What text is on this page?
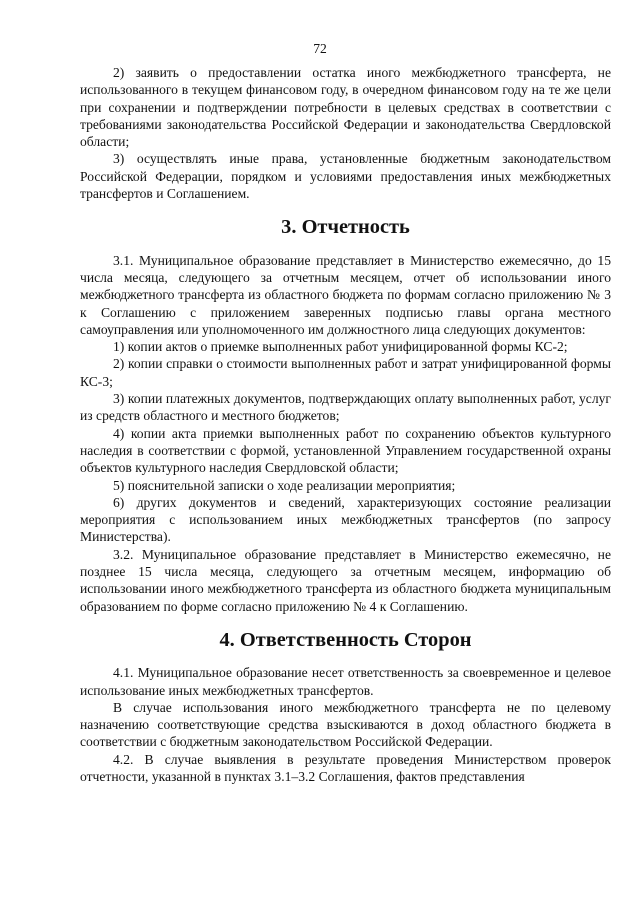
72

2) заявить о предоставлении остатка иного межбюджетного трансферта, не использованного в текущем финансовом году, в очередном финансовом году на те же цели при сохранении и подтверждении потребности в целевых средствах в соответствии с требованиями законодательства Российской Федерации и законодательства Свердловской области;

3) осуществлять иные права, установленные бюджетным законодательством Российской Федерации, порядком и условиями предоставления иных межбюджетных трансфертов и Соглашением.

3. Отчетность

3.1. Муниципальное образование представляет в Министерство ежемесячно, до 15 числа месяца, следующего за отчетным месяцем, отчет об использовании иного межбюджетного трансферта из областного бюджета по формам согласно приложению № 3 к Соглашению с приложением заверенных подписью главы органа местного самоуправления или уполномоченного им должностного лица следующих документов:

1) копии актов о приемке выполненных работ унифицированной формы КС-2;

2) копии справки о стоимости выполненных работ и затрат унифицированной формы КС-3;

3) копии платежных документов, подтверждающих оплату выполненных работ, услуг из средств областного и местного бюджетов;

4) копии акта приемки выполненных работ по сохранению объектов культурного наследия в соответствии с формой, установленной Управлением государственной охраны объектов культурного наследия Свердловской области;

5) пояснительной записки о ходе реализации мероприятия;

6) других документов и сведений, характеризующих состояние реализации мероприятия с использованием иных межбюджетных трансфертов (по запросу Министерства).

3.2. Муниципальное образование представляет в Министерство ежемесячно, не позднее 15 числа месяца, следующего за отчетным месяцем, информацию об использовании иного межбюджетного трансферта из областного бюджета муниципальным образованием по форме согласно приложению № 4 к Соглашению.

4. Ответственность Сторон

4.1. Муниципальное образование несет ответственность за своевременное и целевое использование иных межбюджетных трансфертов.

В случае использования иного межбюджетного трансферта не по целевому назначению соответствующие средства взыскиваются в доход областного бюджета в соответствии с бюджетным законодательством Российской Федерации.

4.2. В случае выявления в результате проведения Министерством проверок отчетности, указанной в пунктах 3.1–3.2 Соглашения, фактов представления
